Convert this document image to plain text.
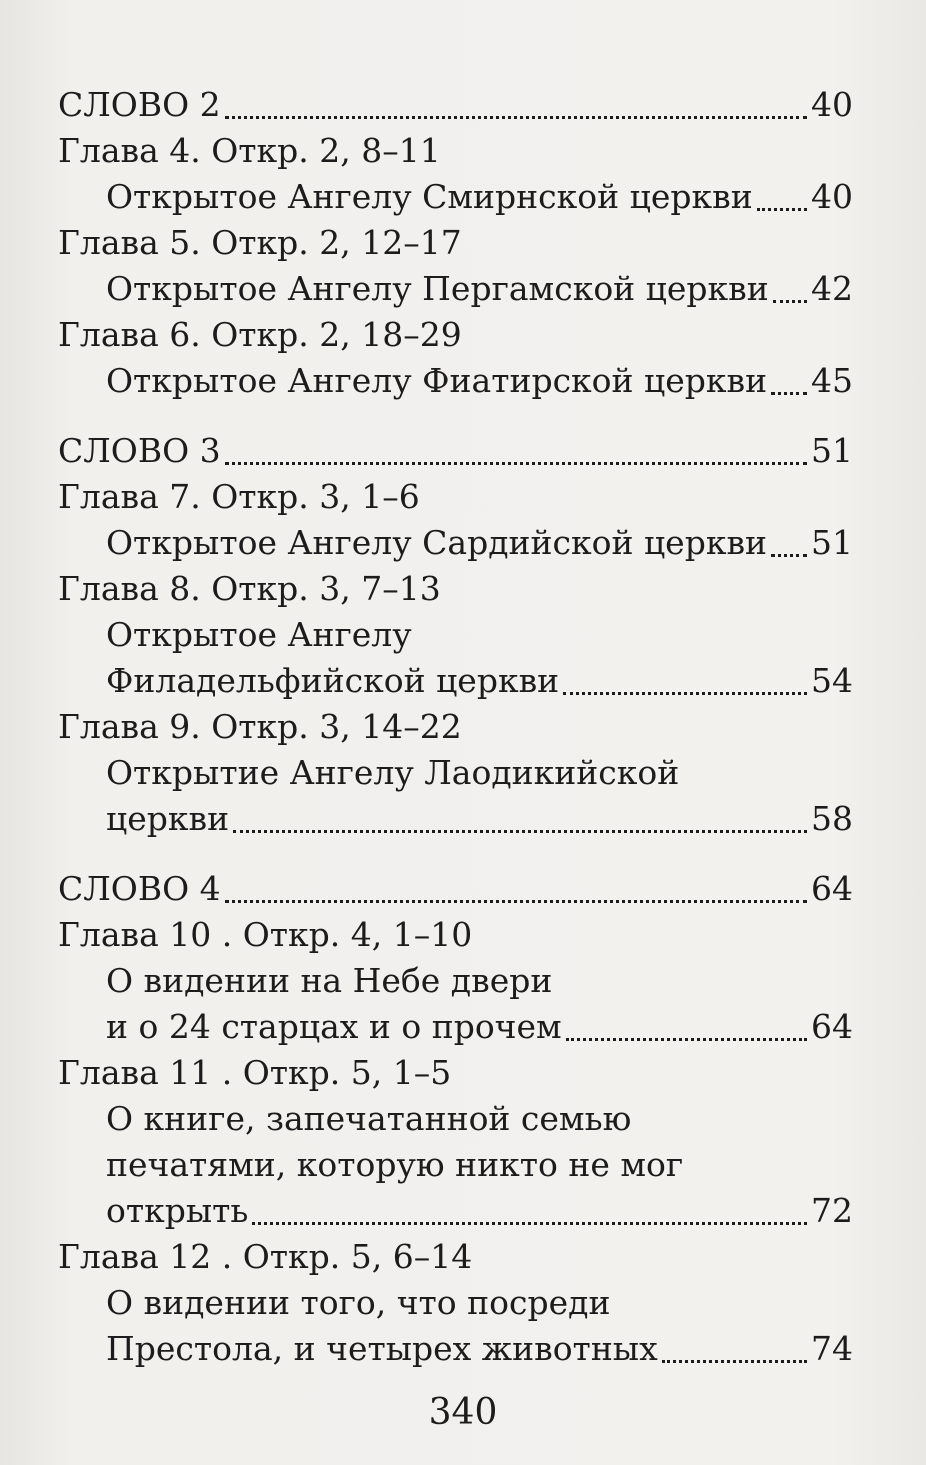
СЛОВО 2	40
Глава 4. Откр. 2, 8–11
Открытое Ангелу Смирнской церкви 40
Глава 5. Откр. 2, 12–17
Открытое Ангелу Пергамской церкви 42
Глава 6. Откр. 2, 18–29
Открытое Ангелу Фиатирской церкви 45
СЛОВО 3	51
Глава 7. Откр. 3, 1–6
Открытое Ангелу Сардийской церкви 51
Глава 8. Откр. 3, 7–13
Открытое Ангелу
Филадельфийской церкви	54
Глава 9. Откр. 3, 14–22
Открытие Ангелу Лаодикийской
церкви	58
СЛОВО 4	64
Глава 10 . Откр. 4, 1–10
О видении на Небе двери
и о 24 старцах и о прочем	64
Глава 11 . Откр. 5, 1–5
О книге, запечатанной семью
печатями, которую никто не мог
открыть	72
Глава 12 . Откр. 5, 6–14
О видении того, что посреди
Престола, и четырех животных	74
340
